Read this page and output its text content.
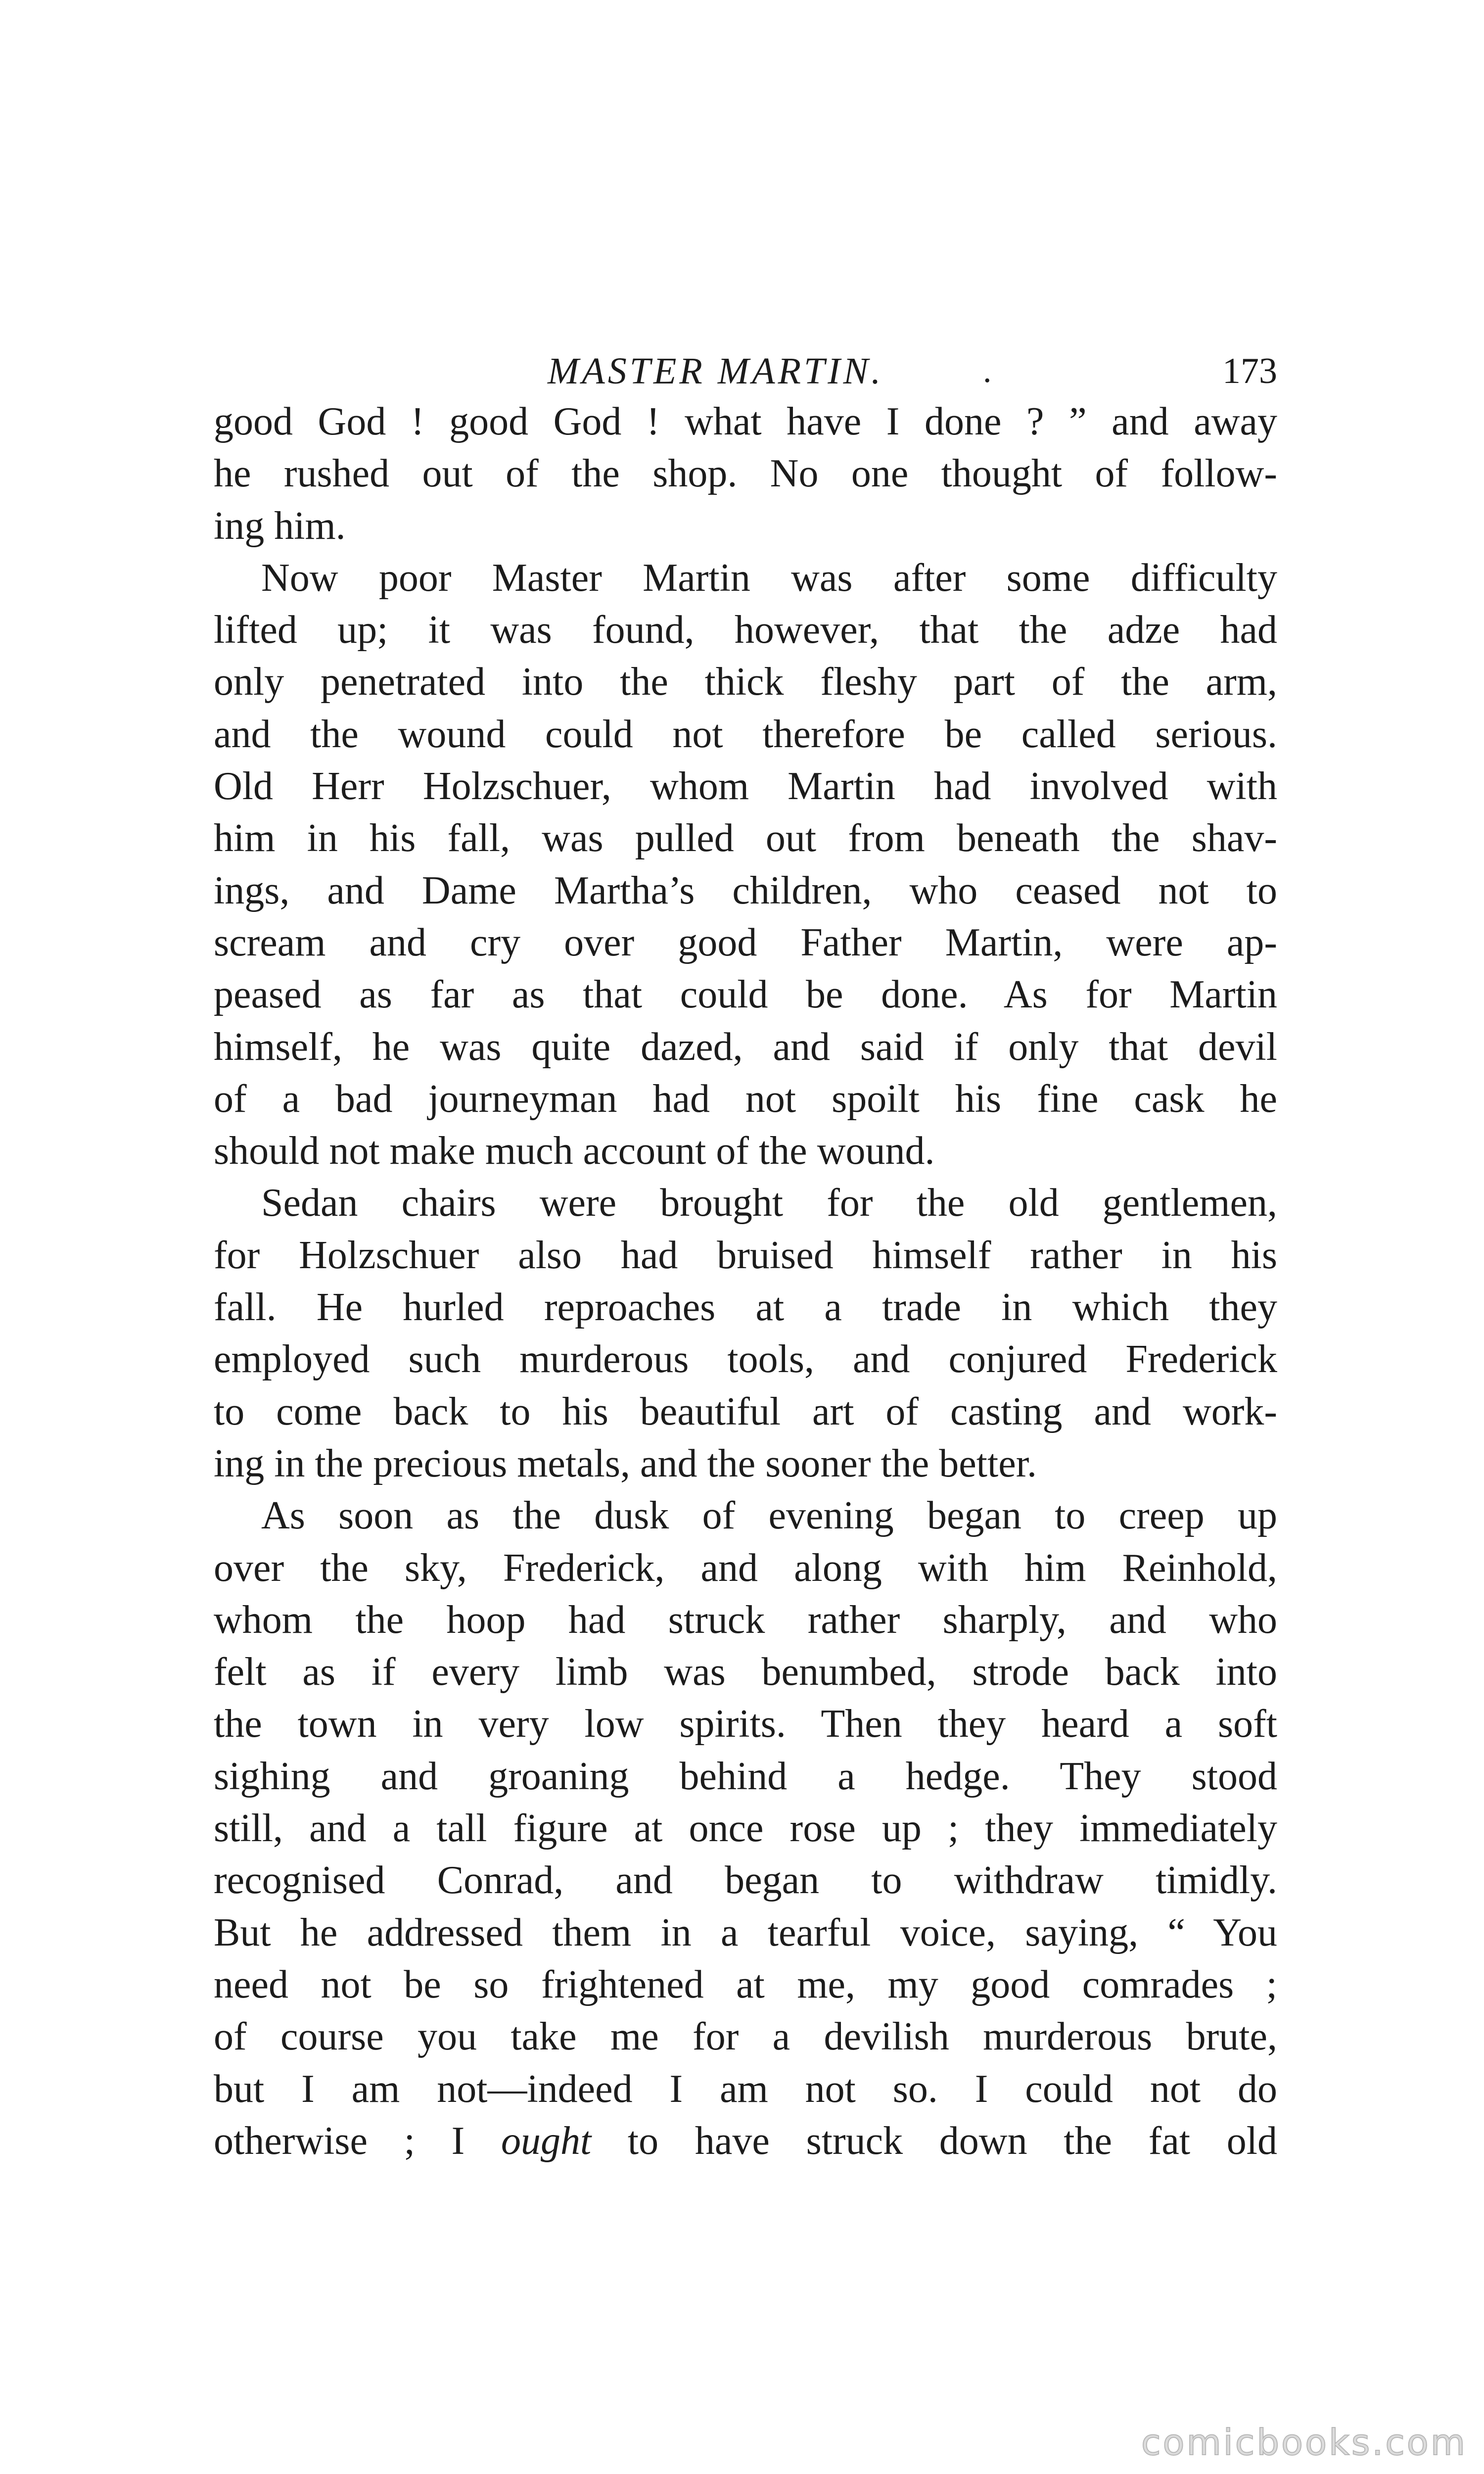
MASTER MARTIN.	.	173
good God ! good God ! what have I done ? ” and away
he rushed out of the shop. No one thought of follow-
ing him.
Now poor Master Martin was after some difficulty
lifted up; it was found, however, that the adze had
only penetrated into the thick fleshy part of the arm,
and the wound could not therefore be called serious.
Old Herr Holzschuer, whom Martin had involved with
him in his fall, was pulled out from beneath the shav-
ings, and Dame Martha’s children, who ceased not to
scream and cry over good Father Martin, were ap-
peased as far as that could be done. As for Martin
himself, he was quite dazed, and said if only that devil
of a bad journeyman had not spoilt his fine cask he
should not make much account of the wound.
Sedan chairs were brought for the old gentlemen,
for Holzschuer also had bruised himself rather in his
fall. He hurled reproaches at a trade in which they
employed such murderous tools, and conjured Frederick
to come back to his beautiful art of casting and work-
ing in the precious metals, and the sooner the better.
As soon as the dusk of evening began to creep up
over the sky, Frederick, and along with him Reinhold,
whom the hoop had struck rather sharply, and who
felt as if every limb was benumbed, strode back into
the town in very low spirits. Then they heard a soft
sighing and groaning behind a hedge. They stood
still, and a tall figure at once rose up ; they immediately
recognised Conrad, and began to withdraw timidly.
But he addressed them in a tearful voice, saying, “ You
need not be so frightened at me, my good comrades ;
of course you take me for a devilish murderous brute,
but I am not—indeed I am not so. I could not do
otherwise ; I ought to have struck down the fat old
comicbooks.com
